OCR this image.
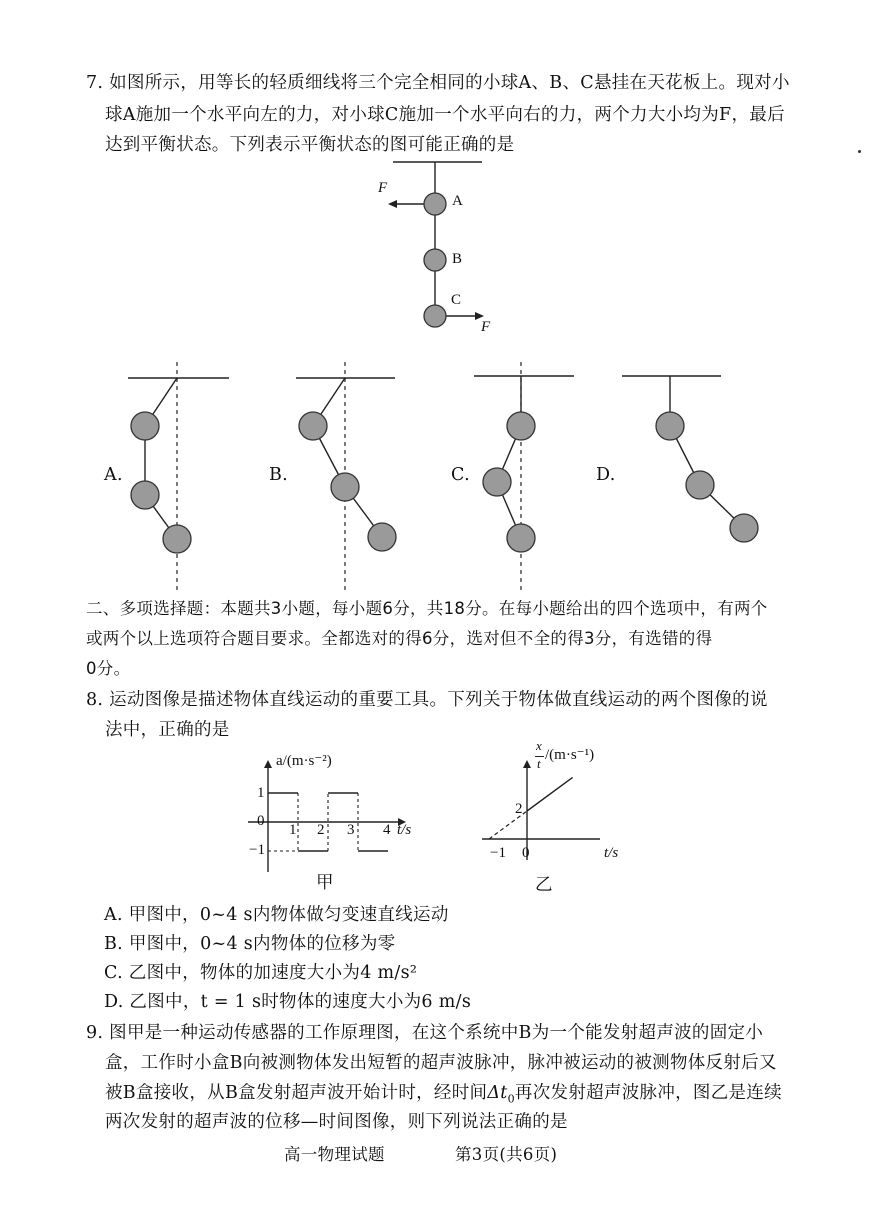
7. 如图所示，用等长的轻质细线将三个完全相同的小球A、B、C悬挂在天花板上。现对小
球A施加一个水平向左的力，对小球C施加一个水平向右的力，两个力大小均为F，最后
达到平衡状态。下列表示平衡状态的图可能正确的是
F
A
B
C
F
A.	B.	C.	D.
二、多项选择题：本题共3小题，每小题6分，共18分。在每小题给出的四个选项中，有两个
或两个以上选项符合题目要求。全都选对的得6分，选对但不全的得3分，有选错的得
0分。
8. 运动图像是描述物体直线运动的重要工具。下列关于物体做直线运动的两个图像的说
法中，正确的是
a/(m·s⁻²)
1
0
−1
1 2 3 4 t/s
甲
x
t
/(m·s⁻¹)
2
−1 0	t/s
乙
A. 甲图中，0~4 s内物体做匀变速直线运动
B. 甲图中，0~4 s内物体的位移为零
C. 乙图中，物体的加速度大小为4 m/s²
D. 乙图中，t = 1 s时物体的速度大小为6 m/s
9. 图甲是一种运动传感器的工作原理图，在这个系统中B为一个能发射超声波的固定小
盒，工作时小盒B向被测物体发出短暂的超声波脉冲，脉冲被运动的被测物体反射后又
被B盒接收，从B盒发射超声波开始计时，经时间$\Delta t_0$再次发射超声波脉冲，图乙是连续
两次发射的超声波的位移—时间图像，则下列说法正确的是
高一物理试题	第3页(共6页)
